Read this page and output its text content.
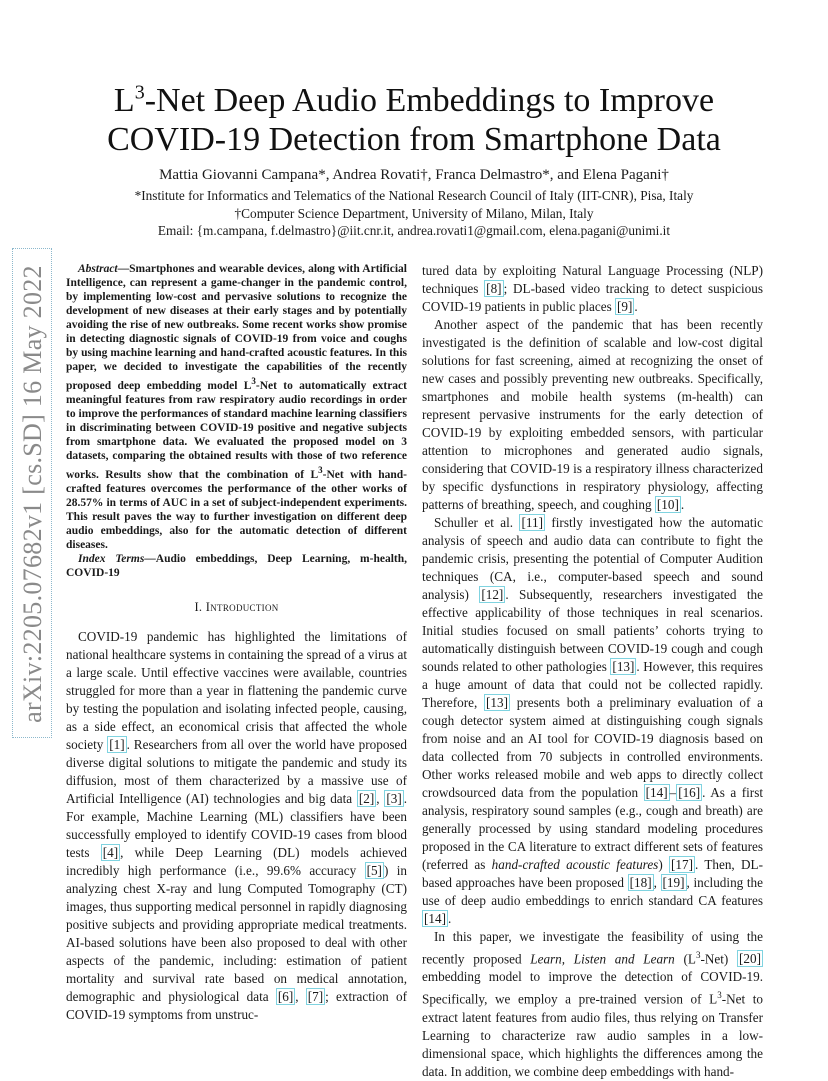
arXiv:2205.07682v1 [cs.SD] 16 May 2022
$L^3$-Net Deep Audio Embeddings to Improve
COVID-19 Detection from Smartphone Data
Mattia Giovanni Campana*, Andrea Rovati†, Franca Delmastro*, and Elena Pagani†
*Institute for Informatics and Telematics of the National Research Council of Italy (IIT-CNR), Pisa, Italy
†Computer Science Department, University of Milano, Milan, Italy
Email: {m.campana, f.delmastro}@iit.cnr.it, andrea.rovati1@gmail.com, elena.pagani@unimi.it

Abstract—Smartphones and wearable devices, along with Artificial Intelligence, can represent a game-changer in the pandemic control, by implementing low-cost and pervasive solutions to recognize the development of new diseases at their early stages and by potentially avoiding the rise of new outbreaks. Some recent works show promise in detecting diagnostic signals of COVID-19 from voice and coughs by using machine learning and hand-crafted acoustic features. In this paper, we decided to investigate the capabilities of the recently proposed deep embedding model $L^3$-Net to automatically extract meaningful features from raw respiratory audio recordings in order to improve the performances of standard machine learning classifiers in discriminating between COVID-19 positive and negative subjects from smartphone data. We evaluated the proposed model on 3 datasets, comparing the obtained results with those of two reference works. Results show that the combination of $L^3$-Net with hand-crafted features overcomes the performance of the other works of 28.57% in terms of AUC in a set of subject-independent experiments. This result paves the way to further investigation on different deep audio embeddings, also for the automatic detection of different diseases.

Index Terms—Audio embeddings, Deep Learning, m-health, COVID-19

I. Introduction

COVID-19 pandemic has highlighted the limitations of national healthcare systems in containing the spread of a virus at a large scale. Until effective vaccines were available, countries struggled for more than a year in flattening the pandemic curve by testing the population and isolating infected people, causing, as a side effect, an economical crisis that affected the whole society [1] . Researchers from all over the world have proposed diverse digital solutions to mitigate the pandemic and study its diffusion, most of them characterized by a massive use of Artificial Intelligence (AI) technologies and big data [2] , [3] . For example, Machine Learning (ML) classifiers have been successfully employed to identify COVID-19 cases from blood tests [4] , while Deep Learning (DL) models achieved incredibly high performance (i.e., 99.6% accuracy [5] ) in analyzing chest X-ray and lung Computed Tomography (CT) images, thus supporting medical personnel in rapidly diagnosing positive subjects and providing appropriate medical treatments. AI-based solutions have been also proposed to deal with other aspects of the pandemic, including: estimation of patient mortality and survival rate based on medical annotation, demographic and physiological data [6] , [7] ; extraction of COVID-19 symptoms from unstruc-

tured data by exploiting Natural Language Processing (NLP) techniques [8] ; DL-based video tracking to detect suspicious COVID-19 patients in public places [9] .

Another aspect of the pandemic that has been recently investigated is the definition of scalable and low-cost digital solutions for fast screening, aimed at recognizing the onset of new cases and possibly preventing new outbreaks. Specifically, smartphones and mobile health systems (m-health) can represent pervasive instruments for the early detection of COVID-19 by exploiting embedded sensors, with particular attention to microphones and generated audio signals, considering that COVID-19 is a respiratory illness characterized by specific dysfunctions in respiratory physiology, affecting patterns of breathing, speech, and coughing [10] .

Schuller et al. [11] firstly investigated how the automatic analysis of speech and audio data can contribute to fight the pandemic crisis, presenting the potential of Computer Audition techniques (CA, i.e., computer-based speech and sound analysis) [12] . Subsequently, researchers investigated the effective applicability of those techniques in real scenarios. Initial studies focused on small patients’ cohorts trying to automatically distinguish between COVID-19 cough and cough sounds related to other pathologies [13] . However, this requires a huge amount of data that could not be collected rapidly. Therefore, [13] presents both a preliminary evaluation of a cough detector system aimed at distinguishing cough signals from noise and an AI tool for COVID-19 diagnosis based on data collected from 70 subjects in controlled environments. Other works released mobile and web apps to directly collect crowdsourced data from the population [14] – [16] . As a first analysis, respiratory sound samples (e.g., cough and breath) are generally processed by using standard modeling procedures proposed in the CA literature to extract different sets of features (referred as hand-crafted acoustic features) [17] . Then, DL-based approaches have been proposed [18] , [19] , including the use of deep audio embeddings to enrich standard CA features [14] .

In this paper, we investigate the feasibility of using the recently proposed Learn, Listen and Learn $(L^3-Net)$ [20] embedding model to improve the detection of COVID-19. Specifically, we employ a pre-trained version of $L^3$-Net to extract latent features from audio files, thus relying on Transfer Learning to characterize raw audio samples in a low-dimensional space, which highlights the differences among the data. In addition, we combine deep embeddings with hand-
